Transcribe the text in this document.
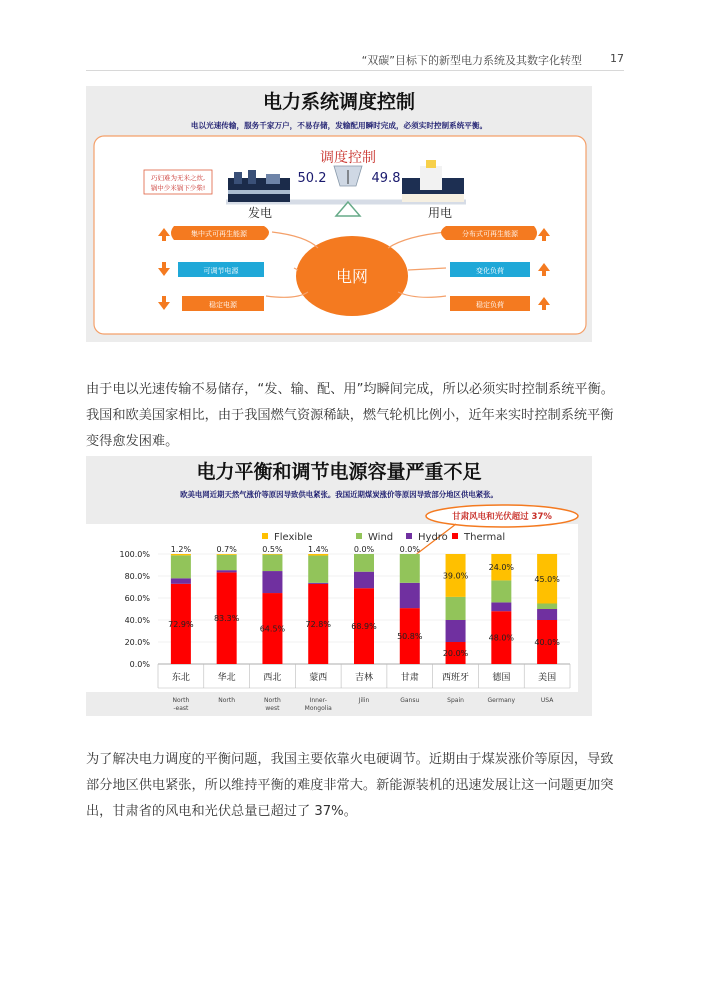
“双碳”目标下的新型电力系统及其数字化转型	17
电力系统调度控制
电以光速传输，服务千家万户，不易存储，发输配用瞬时完成，必须实时控制系统平衡。
调度控制
50.2	49.8
巧妇难为无米之炊,
锅中少米锅下少柴!
发电	用电
电网
集中式可再生能源
可调节电源
稳定电源
分布式可再生能源
变化负荷
稳定负荷

由于电以光速传输不易储存，“发、输、配、用”均瞬间完成，所以必须实时控制系统平衡。我国和欧美国家相比，由于我国燃气资源稀缺，燃气轮机比例小，近年来实时控制系统平衡变得愈发困难。

电力平衡和调节电源容量严重不足
欧美电网近期天然气涨价等原因导致供电紧张。我国近期煤炭涨价等原因导致部分地区供电紧张。
甘肃风电和光伏超过 37%
Flexible	Wind Hydro Thermal
0.0%
20.0%
40.0%
60.0%
80.0%
100.0%
72.9%
1.2%
83.3%
0.7%
64.5%
0.5%
72.8%
1.4%
68.9%
0.0%
50.8%
0.0%
20.0%
39.0%
48.0%
24.0%
40.0%
45.0%
东北
North
-east
华北
North
西北
North
west
蒙西
Inner-
Mongolia
吉林
Jilin
甘肃
Gansu
西班牙
Spain
德国
Germany
美国
USA

为了解决电力调度的平衡问题，我国主要依靠火电硬调节。近期由于煤炭涨价等原因，导致部分地区供电紧张，所以维持平衡的难度非常大。新能源装机的迅速发展让这一问题更加突出，甘肃省的风电和光伏总量已超过了 37%。
